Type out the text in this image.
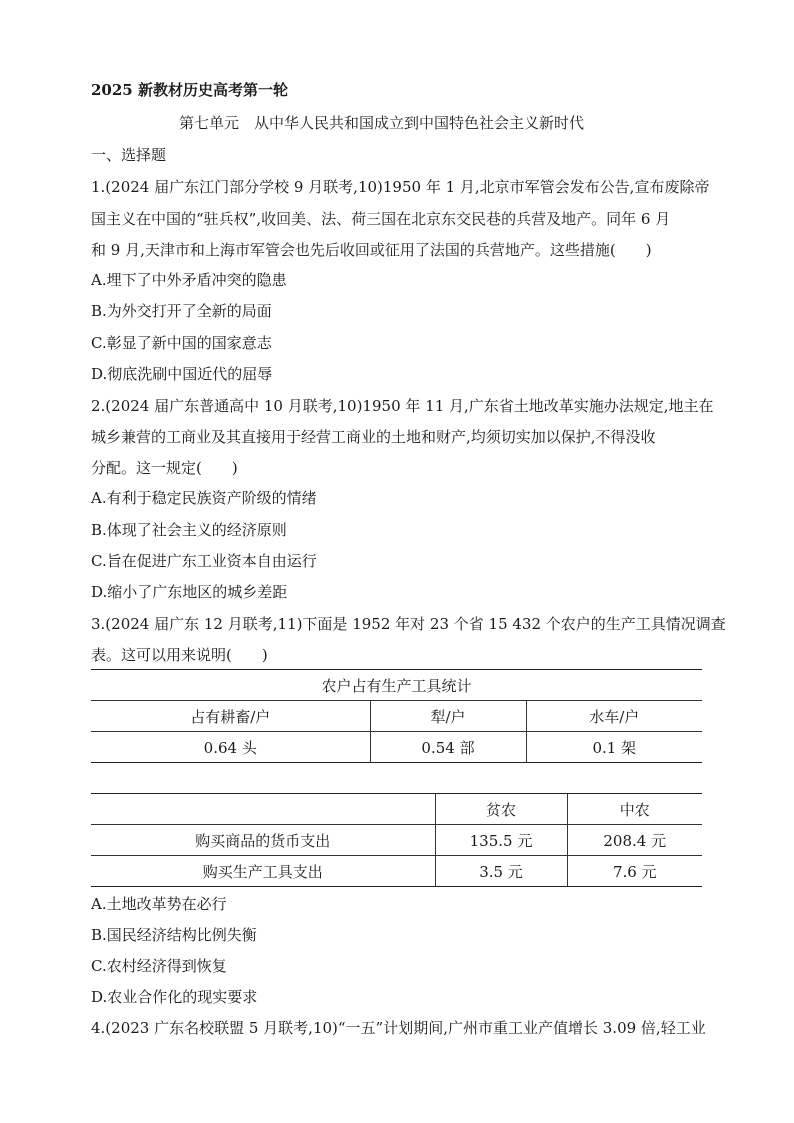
2025 新教材历史高考第一轮
第七单元　从中华人民共和国成立到中国特色社会主义新时代
一、选择题
1.(2024 届广东江门部分学校 9 月联考,10)1950 年 1 月,北京市军管会发布公告,宣布废除帝
国主义在中国的“驻兵权”,收回美、法、荷三国在北京东交民巷的兵营及地产。同年 6 月
和 9 月,天津市和上海市军管会也先后收回或征用了法国的兵营地产。这些措施(　　)
A.埋下了中外矛盾冲突的隐患
B.为外交打开了全新的局面
C.彰显了新中国的国家意志
D.彻底洗刷中国近代的屈辱
2.(2024 届广东普通高中 10 月联考,10)1950 年 11 月,广东省土地改革实施办法规定,地主在
城乡兼营的工商业及其直接用于经营工商业的土地和财产,均须切实加以保护,不得没收
分配。这一规定(　　)
A.有利于稳定民族资产阶级的情绪
B.体现了社会主义的经济原则
C.旨在促进广东工业资本自由运行
D.缩小了广东地区的城乡差距
3.(2024 届广东 12 月联考,11)下面是 1952 年对 23 个省 15 432 个农户的生产工具情况调查
表。这可以用来说明(　　)
农户占有生产工具统计		
占有耕畜/户	犁/户	水车/户
0.64 头	0.54 部	0.1 架
	贫农	中农
购买商品的货币支出	135.5 元	208.4 元
购买生产工具支出	3.5 元	7.6 元
A.土地改革势在必行
B.国民经济结构比例失衡
C.农村经济得到恢复
D.农业合作化的现实要求
4.(2023 广东名校联盟 5 月联考,10)“一五”计划期间,广州市重工业产值增长 3.09 倍,轻工业
